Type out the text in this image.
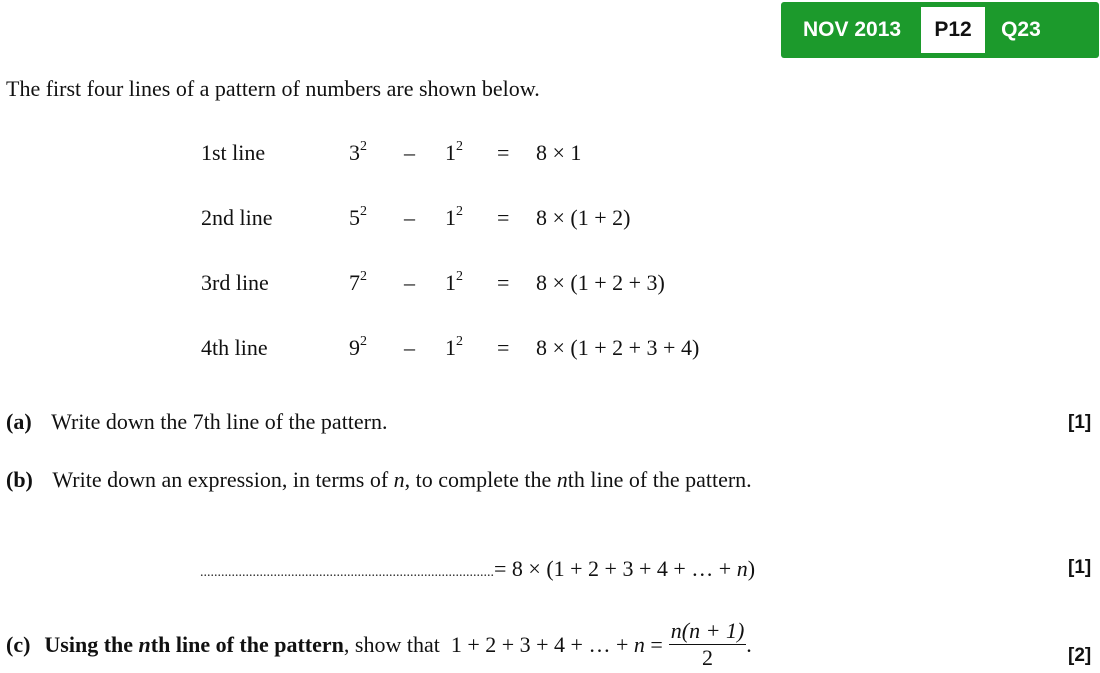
NOV 2013	P12	Q23
The first four lines of a pattern of numbers are shown below.
1st line	$3^2 - 1^2 = 8 \times 1$
2nd line	$5^2 - 1^2 = 8 \times (1 + 2)$
3rd line	$7^2 - 1^2 = 8 \times (1 + 2 + 3)$
4th line	$9^2 - 1^2 = 8 \times (1 + 2 + 3 + 4)$
(a) Write down the 7th line of the pattern.	[1]
(b) Write down an expression, in terms of n, to complete the nth line of the pattern.
....................................................................................= 8 × (1 + 2 + 3 + 4 + … + n)	[1]
(c) Using the nth line of the pattern , show that  1 + 2 + 3 + 4 + … + $n = \frac{n(n + 1)}{2}$ .	[2]
